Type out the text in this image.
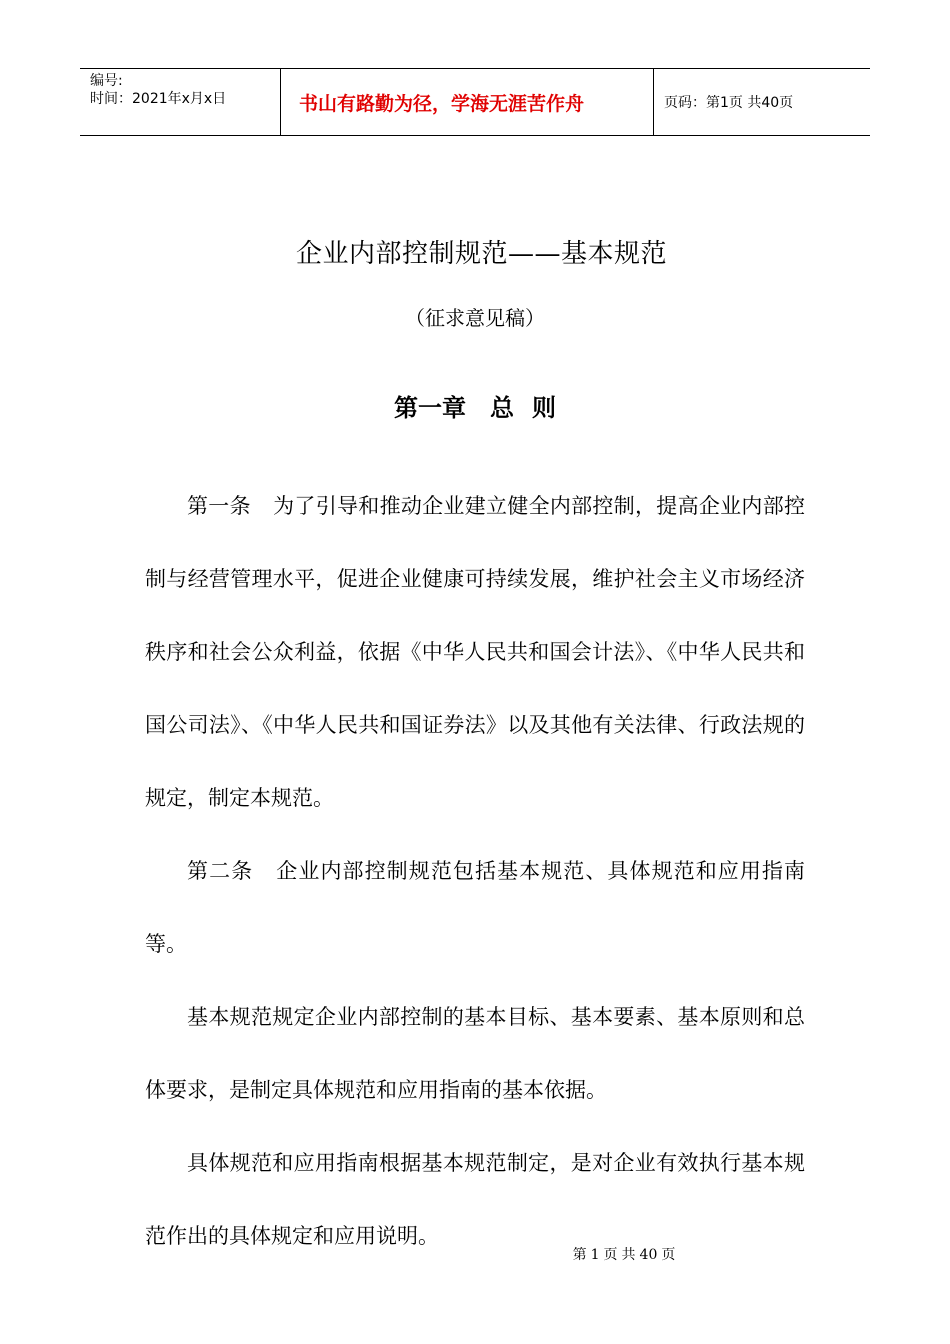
编号:
时间：2021年x月x日	书山有路勤为径，学海无涯苦作舟	页码：第1页 共40页
企业内部控制规范——基本规范
（征求意见稿）
第一章 总 则

第一条 为了引导和推动企业建立健全内部控制，提高企业内部控制与经营管理水平，促进企业健康可持续发展，维护社会主义市场经济秩序和社会公众利益，依据《中华人民共和国会计法》、《中华人民共和国公司法》、《中华人民共和国证券法》以及其他有关法律、行政法规的规定，制定本规范。

第二条 企业内部控制规范包括基本规范、具体规范和应用指南等。

基本规范规定企业内部控制的基本目标、基本要素、基本原则和总体要求，是制定具体规范和应用指南的基本依据。

具体规范和应用指南根据基本规范制定，是对企业有效执行基本规范作出的具体规定和应用说明。

第 1 页 共 40 页
